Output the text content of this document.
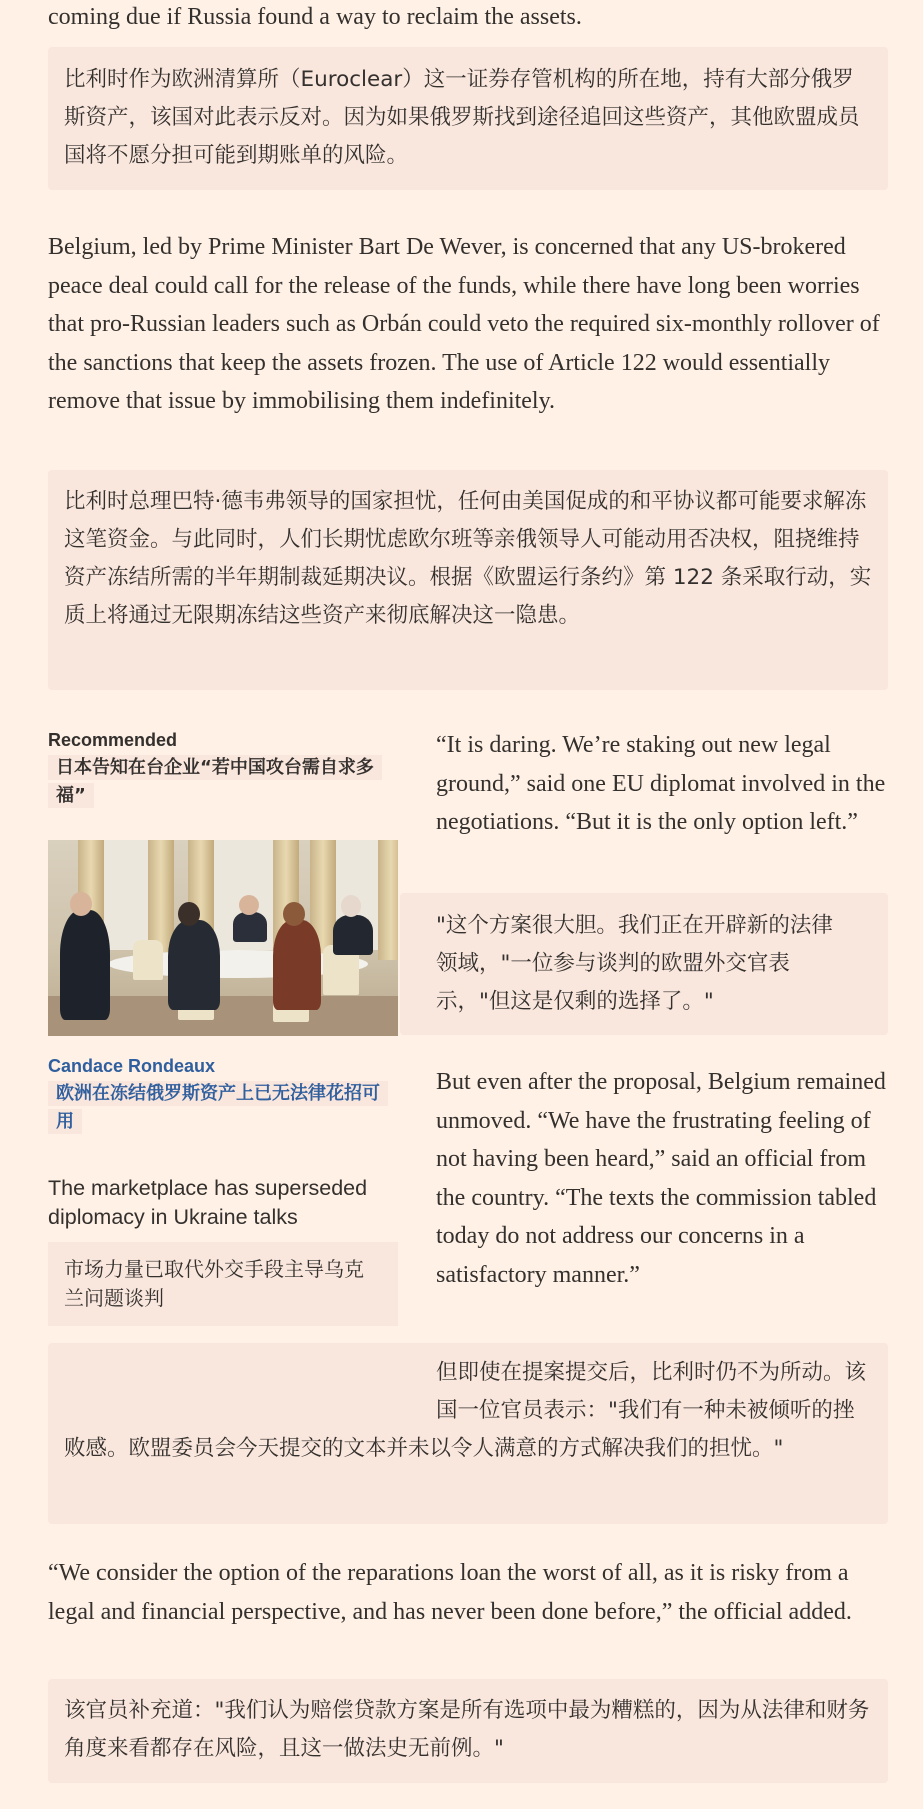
coming due if Russia found a way to reclaim the assets.

比利时作为欧洲清算所（Euroclear）这一证券存管机构的所在地，持有大部分俄罗斯资产，该国对此表示反对。因为如果俄罗斯找到途径追回这些资产，其他欧盟成员国将不愿分担可能到期账单的风险。

Belgium, led by Prime Minister Bart De Wever, is concerned that any US-brokered peace deal could call for the release of the funds, while there have long been worries that pro-Russian leaders such as Orbán could veto the required six-monthly rollover of the sanctions that keep the assets frozen. The use of Article 122 would essentially remove that issue by immobilising them indefinitely.

比利时总理巴特·德韦弗领导的国家担忧，任何由美国促成的和平协议都可能要求解冻这笔资金。与此同时，人们长期忧虑欧尔班等亲俄领导人可能动用否决权，阻挠维持资产冻结所需的半年期制裁延期决议。根据《欧盟运行条约》第 122 条采取行动，实质上将通过无限期冻结这些资产来彻底解决这一隐患。

Recommended
日本告知在台企业“若中国攻台需自求多福”
Candace Rondeaux
欧洲在冻结俄罗斯资产上已无法律花招可用
The marketplace has superseded diplomacy in Ukraine talks
市场力量已取代外交手段主导乌克兰问题谈判

“It is daring. We’re staking out new legal ground,” said one EU diplomat involved in the negotiations. “But it is the only option left.”

"这个方案很大胆。我们正在开辟新的法律领域，"一位参与谈判的欧盟外交官表示，"但这是仅剩的选择了。"

But even after the proposal, Belgium remained unmoved. “We have the frustrating feeling of not having been heard,” said an official from the country. “The texts the commission tabled today do not address our concerns in a satisfactory manner.”

但即使在提案提交后，比利时仍不为所动。该国一位官员表示："我们有一种未被倾听的挫败感。欧盟委员会今天提交的文本并未以令人满意的方式解决我们的担忧。"

“We consider the option of the reparations loan the worst of all, as it is risky from a legal and financial perspective, and has never been done before,” the official added.

该官员补充道："我们认为赔偿贷款方案是所有选项中最为糟糕的，因为从法律和财务角度来看都存在风险，且这一做法史无前例。"
